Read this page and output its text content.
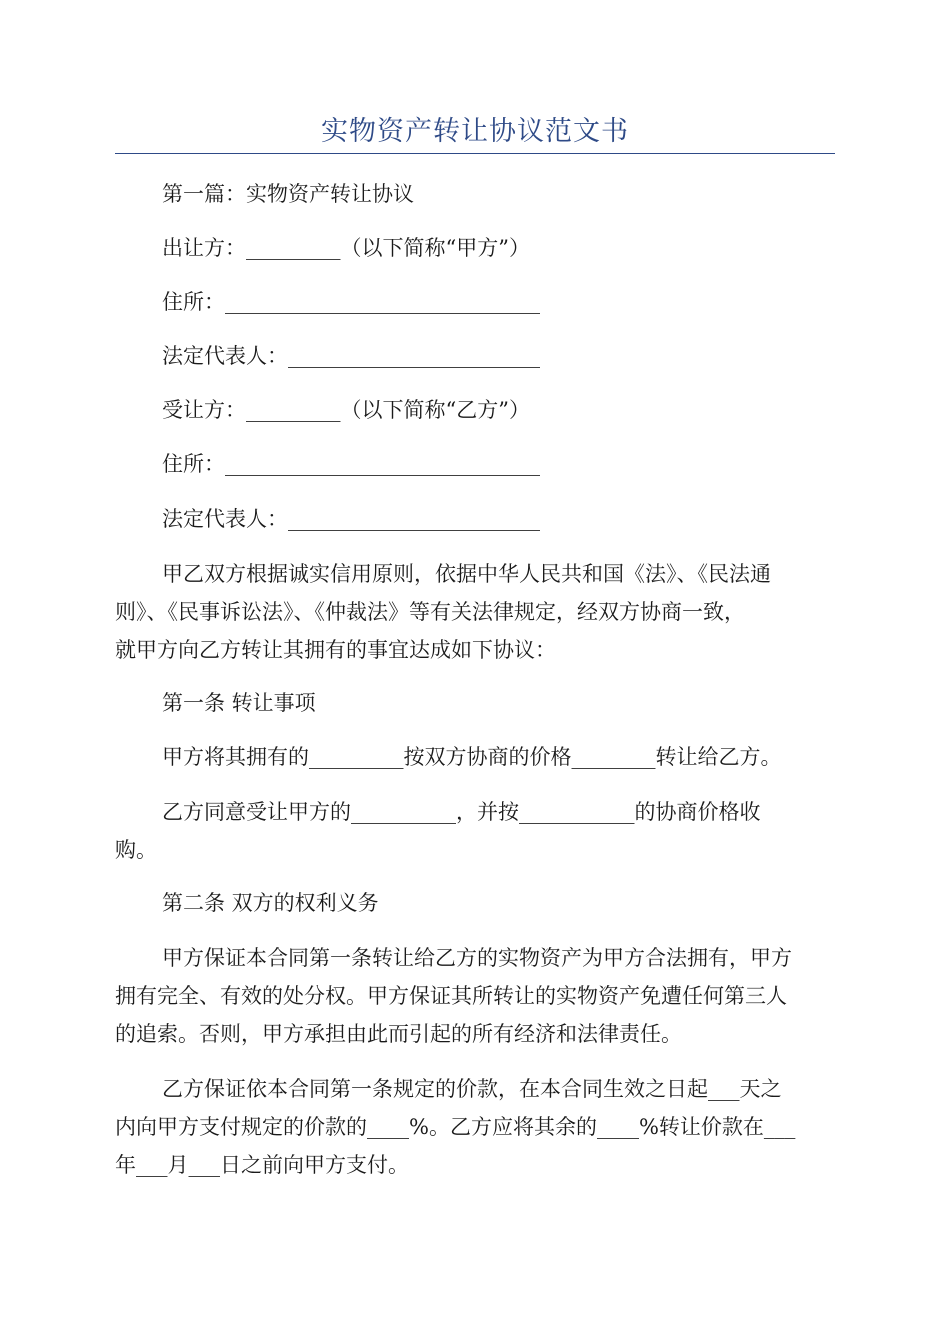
实物资产转让协议范文书
第一篇：实物资产转让协议
出让方：_________（以下简称“甲方”）
住所：______________________________
法定代表人：________________________
受让方：_________（以下简称“乙方”）
住所：______________________________
法定代表人：________________________
甲乙双方根据诚实信用原则，依据中华人民共和国《法》、《民法通
则》、《民事诉讼法》、《仲裁法》等有关法律规定，经双方协商一致，
就甲方向乙方转让其拥有的事宜达成如下协议：
第一条 转让事项
甲方将其拥有的_________按双方协商的价格________转让给乙方。
乙方同意受让甲方的__________，并按___________的协商价格收
购。
第二条 双方的权利义务
甲方保证本合同第一条转让给乙方的实物资产为甲方合法拥有，甲方
拥有完全、有效的处分权。甲方保证其所转让的实物资产免遭任何第三人
的追索。否则，甲方承担由此而引起的所有经济和法律责任。
乙方保证依本合同第一条规定的价款，在本合同生效之日起___天之
内向甲方支付规定的价款的____%。乙方应将其余的____%转让价款在___
年___月___日之前向甲方支付。
